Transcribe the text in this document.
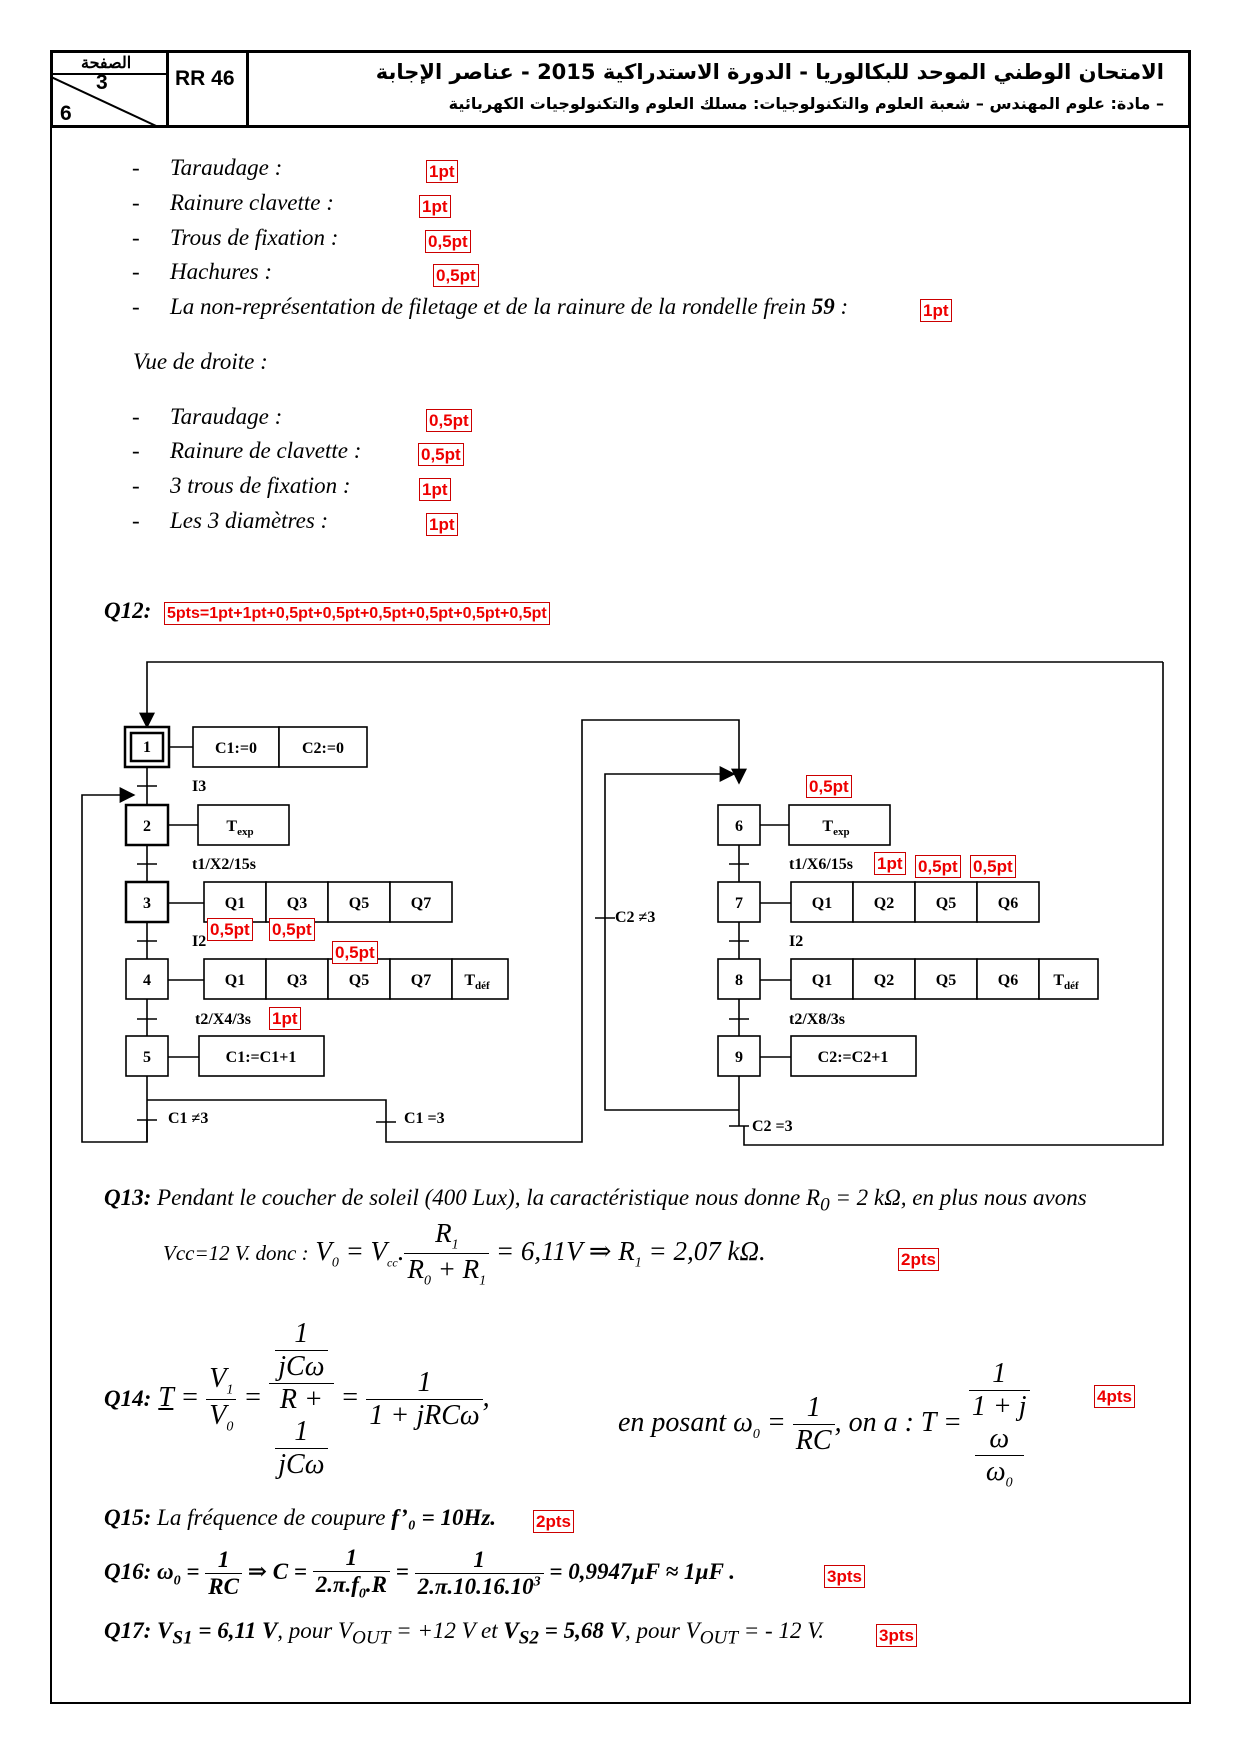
الصفحة
3
6
RR 46	الامتحان الوطني الموحد للبكالوريا - الدورة الاستدراكية 2015 - عناصر الإجابة
– مادة: علوم المهندس – شعبة العلوم والتكنولوجيات: مسلك العلوم والتكنولوجيات الكهربائية
- Taraudage :	1pt
- Rainure clavette :	1pt
- Trous de fixation :	0,5pt
- Hachures :	0,5pt
- La non-représentation de filetage et de la rainure de la rondelle frein 59 :	1pt
Vue de droite :
- Taraudage :	0,5pt
- Rainure de clavette :	0,5pt
- 3 trous de fixation :	1pt
- Les 3 diamètres :	1pt
Q12: 5pts=1pt+1pt+0,5pt+0,5pt+0,5pt+0,5pt+0,5pt+0,5pt
1
2
3
4
5
6
7
8
9
C1:=0	C2:=0
$T_{exp}$
Q1	Q3	Q5	Q7
Q1	Q3	Q5	Q7 $T_{déf}$
C1:=C1+1
$T_{exp}$
Q1	Q2	Q5	Q6
Q1	Q2	Q5	Q6 $T_{déf}$
C2:=C2+1
I3
t1/X2/15s
I2
t2/X4/3s
C1 ≠3	C1 =3
C2 ≠3
t1/X6/15s
I2
t2/X8/3s
C2 =3
0,5pt
1pt 0,5pt 0,5pt
0,5pt 0,5pt
0,5pt
1pt
Q13: Pendant le coucher de soleil (400 Lux), la caractéristique nous donne $R_0 = 2$ kΩ, en plus nous avons
Vcc=12 V. donc : $V_0 = V_{cc}$. $\frac{R_1}{R_0 + R_1} = 6,11V$ ⇒ $R_1 = 2,07$ kΩ.	2pts
Q14: $T = \frac{V_1}{V_0} = 1$
jCω
R +
1
$jC\omega = \frac{1}{\text{1 + jRCω}}$ ,
en posant $\omega_0 = \frac{1}{RC}$ , on a : T = 1
1 + j
ω
$\omega_0$	4pts
Q15: La fréquence de coupure f’₀ = 10Hz. 2pts
Q16: $\omega_0 = \frac{1}{RC}$ ⇒ $C = \frac{1}{2.\pi.f_0.R} = \frac{1}{2.\pi.10.16.10^3} = 0,9947\mu F \approx 1\mu F$ .	3pts
Q17: $V_{S1} = 6,11$ V, pour $V_{OUT} = +12$ V et $V_{S2} = 5,68$ V, pour $V_{OUT}$ = - 12 V.	3pts
